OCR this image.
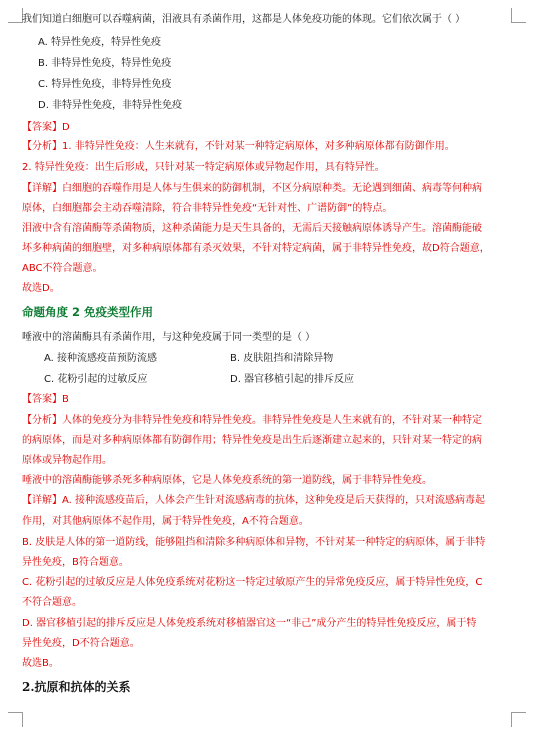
我们知道白细胞可以吞噬病菌，泪液具有杀菌作用，这都是人体免疫功能的体现。它们依次属于（ ）
A. 特异性免疫，特异性免疫
B. 非特异性免疫，特异性免疫
C. 特异性免疫，非特异性免疫
D. 非特异性免疫，非特异性免疫
【答案】D
【分析】1. 非特异性免疫：人生来就有，不针对某一种特定病原体，对多种病原体都有防御作用。
2. 特异性免疫：出生后形成，只针对某一特定病原体或异物起作用，具有特异性。
【详解】白细胞的吞噬作用是人体与生俱来的防御机制，不区分病原种类。无论遇到细菌、病毒等何种病
原体，白细胞都会主动吞噬清除，符合非特异性免疫“无针对性、广谱防御”的特点。
泪液中含有溶菌酶等杀菌物质，这种杀菌能力是天生具备的，无需后天接触病原体诱导产生。溶菌酶能破
坏多种病菌的细胞壁，对多种病原体都有杀灭效果，不针对特定病菌，属于非特异性免疫，故D符合题意，
ABC不符合题意。
故选D。
命题角度 2 免疫类型作用
唾液中的溶菌酶具有杀菌作用，与这种免疫属于同一类型的是（ ）
A. 接种流感疫苗预防流感	B. 皮肤阻挡和清除异物
C. 花粉引起的过敏反应	D. 器官移植引起的排斥反应
【答案】B
【分析】人体的免疫分为非特异性免疫和特异性免疫。非特异性免疫是人生来就有的，不针对某一种特定
的病原体，而是对多种病原体都有防御作用；特异性免疫是出生后逐渐建立起来的，只针对某一特定的病
原体或异物起作用。
唾液中的溶菌酶能够杀死多种病原体，它是人体免疫系统的第一道防线，属于非特异性免疫。
【详解】A. 接种流感疫苗后，人体会产生针对流感病毒的抗体，这种免疫是后天获得的，只对流感病毒起
作用，对其他病原体不起作用，属于特异性免疫，A不符合题意。
B. 皮肤是人体的第一道防线，能够阻挡和清除多种病原体和异物，不针对某一种特定的病原体，属于非特
异性免疫，B符合题意。
C. 花粉引起的过敏反应是人体免疫系统对花粉这一特定过敏原产生的异常免疫反应，属于特异性免疫，C
不符合题意。
D. 器官移植引起的排斥反应是人体免疫系统对移植器官这一“非己”成分产生的特异性免疫反应，属于特
异性免疫，D不符合题意。
故选B。
2.抗原和抗体的关系
